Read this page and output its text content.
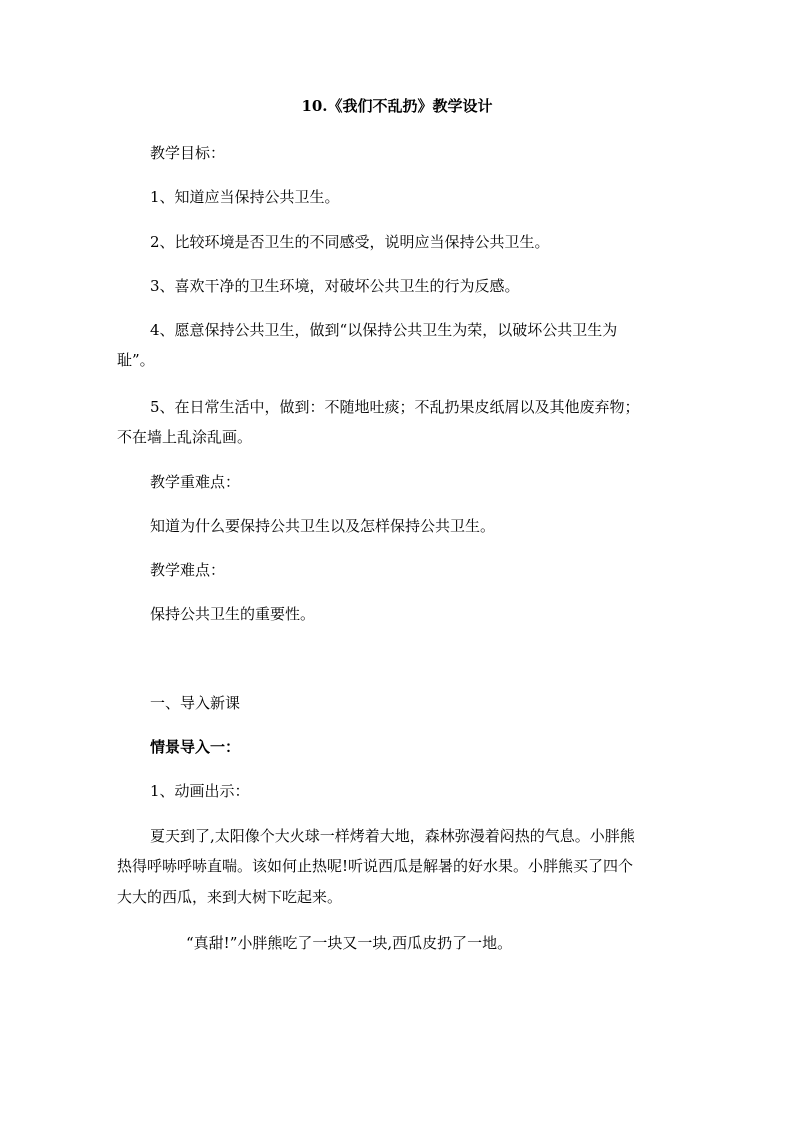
10.《我们不乱扔》教学设计
教学目标：
1、知道应当保持公共卫生。
2、比较环境是否卫生的不同感受，说明应当保持公共卫生。
3、喜欢干净的卫生环境，对破坏公共卫生的行为反感。
4、愿意保持公共卫生，做到“以保持公共卫生为荣，以破坏公共卫生为
耻”。
5、在日常生活中，做到：不随地吐痰；不乱扔果皮纸屑以及其他废弃物；
不在墙上乱涂乱画。
教学重难点：
知道为什么要保持公共卫生以及怎样保持公共卫生。
教学难点：
保持公共卫生的重要性。
一、导入新课
情景导入一：
1、动画出示：
夏天到了,太阳像个大火球一样烤着大地，森林弥漫着闷热的气息。小胖熊
热得呼哧呼哧直喘。该如何止热呢!听说西瓜是解暑的好水果。小胖熊买了四个
大大的西瓜，来到大树下吃起来。
“真甜!”小胖熊吃了一块又一块,西瓜皮扔了一地。
